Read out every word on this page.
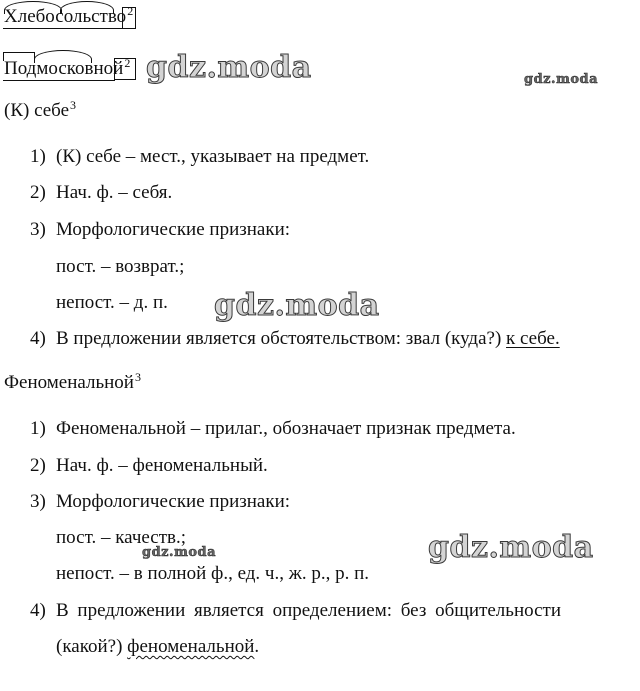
Хлебосольство$^2$
Подмосковной$^2$ gdz.moda	gdz.moda
gdz.moda
gdz.moda
gdz.moda
(К) себе$^3$
1) (К) себе – мест., указывает на предмет.
2) Нач. ф. – себя.
3) Морфологические признаки:
пост. – возврат.;
непост. – д. п.
4) В предложении является обстоятельством: звал (куда?) к себе.
Феноменальной$^3$
1) Феноменальной – прилаг., обозначает признак предмета.
2) Нач. ф. – феноменальный.
3) Морфологические признаки:
пост. – качеств.;
непост. – в полной ф., ед. ч., ж. р., р. п.
4) В предложении является определением: без общительности
(какой?) феноменальной.
